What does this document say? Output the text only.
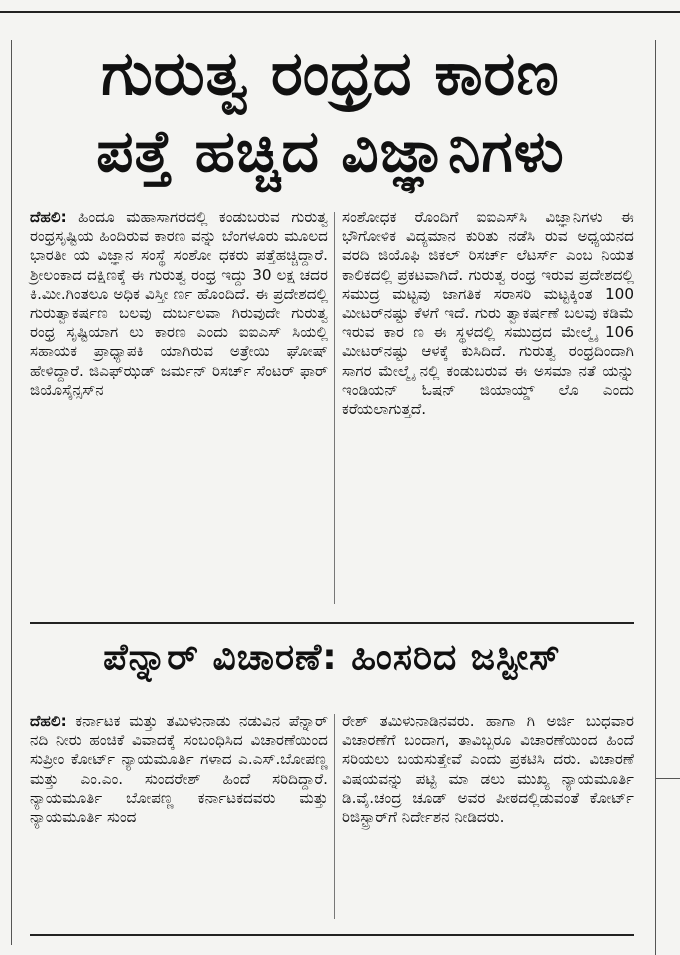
ಗುರುತ್ವ ರಂಧ್ರದ ಕಾರಣ
ಪತ್ತೆ ಹಚ್ಚಿದ ವಿಜ್ಞಾನಿಗಳು

ದೆಹಲಿ: ಹಿಂದೂ ಮಹಾಸಾಗರದಲ್ಲಿ ಕಂಡುಬರುವ ಗುರುತ್ವ ರಂಧ್ರಸೃಷ್ಟಿಯ ಹಿಂದಿರುವ ಕಾರಣ ವನ್ನು ಬೆಂಗಳೂರು ಮೂಲದ ಭಾರತೀ ಯ ವಿಜ್ಞಾನ ಸಂಸ್ಥೆ ಸಂಶೋ ಧಕರು ಪತ್ತೆಹಚ್ಚಿದ್ದಾರೆ. ಶ್ರೀಲಂಕಾದ ದಕ್ಷಿಣಕ್ಕೆ ಈ ಗುರುತ್ವ ರಂಧ್ರ ಇದ್ದು 30 ಲಕ್ಷ ಚದರ ಕಿ.ಮೀ.ಗಿಂತಲೂ ಅಧಿಕ ವಿಸ್ತೀ ರ್ಣ ಹೊಂದಿದೆ. ಈ ಪ್ರದೇಶದಲ್ಲಿ ಗುರುತ್ವಾಕರ್ಷಣ ಬಲವು ದುರ್ಬಲವಾ ಗಿರುವುದೇ ಗುರುತ್ವ ರಂಧ್ರ ಸೃಷ್ಟಿಯಾಗ ಲು ಕಾರಣ ಎಂದು ಐಐಎಸ್ ಸಿಯಲ್ಲಿ ಸಹಾಯಕ ಪ್ರಾಧ್ಯಾಪಕಿ ಯಾಗಿರುವ ಅತ್ರೇಯಿ ಘೋಷ್ ಹೇಳಿದ್ದಾರೆ. ಜಿಎಫ್‌ಝಡ್ ಜರ್ಮನ್ ರಿಸರ್ಚ್ ಸೆಂಟರ್ ಫಾರ್ ಜಿಯೊಸೈನ್ಸಸ್‌ನ

ಸಂಶೋಧಕ ರೊಂದಿಗೆ ಐಐಎಸ್‌ಸಿ ವಿಜ್ಞಾನಿಗಳು ಈ ಭೌಗೋಳಿಕ ವಿದ್ಯಮಾನ ಕುರಿತು ನಡೆಸಿ ರುವ ಅಧ್ಯಯನದ ವರದಿ ಜಿಯೊಫಿ ಜಿಕಲ್ ರಿಸರ್ಚ್ ಲೆಟರ್ಸ್ ಎಂಬ ನಿಯತ ಕಾಲಿಕದಲ್ಲಿ ಪ್ರಕಟವಾಗಿದೆ. ಗುರುತ್ವ ರಂಧ್ರ ಇರುವ ಪ್ರದೇಶದಲ್ಲಿ ಸಮುದ್ರ ಮಟ್ಟವು ಜಾಗತಿಕ ಸರಾಸರಿ ಮಟ್ಟಕ್ಕಿಂತ 100 ಮೀಟರ್‌ನಷ್ಟು ಕೆಳಗೆ ಇದೆ. ಗುರು ತ್ವಾಕರ್ಷಣೆ ಬಲವು ಕಡಿಮೆ ಇರುವ ಕಾರ ಣ ಈ ಸ್ಥಳದಲ್ಲಿ ಸಮುದ್ರದ ಮೇಲ್ಮೈ 106 ಮೀಟರ್‌ನಷ್ಟು ಆಳಕ್ಕೆ ಕುಸಿದಿದೆ. ಗುರುತ್ವ ರಂಧ್ರದಿಂದಾಗಿ ಸಾಗರ ಮೇಲ್ಮೈ ನಲ್ಲಿ ಕಂಡುಬರುವ ಈ ಅಸಮಾ ನತೆ ಯನ್ನು ಇಂಡಿಯನ್ ಓಷನ್ ಜಿಯಾಯ್ಡ್ ಲೊ ಎಂದು ಕರೆಯಲಾಗುತ್ತದೆ.

ಪೆನ್ನಾರ್ ವಿಚಾರಣೆ: ಹಿಂಸರಿದ ಜಸ್ಟೀಸ್

ದೆಹಲಿ: ಕರ್ನಾಟಕ ಮತ್ತು ತಮಿಳುನಾಡು ನಡುವಿನ ಪೆನ್ನಾರ್ ನದಿ ನೀರು ಹಂಚಿಕೆ ವಿವಾದಕ್ಕೆ ಸಂಬಂಧಿಸಿದ ವಿಚಾರಣೆಯಿಂದ ಸುಪ್ರೀಂ ಕೋರ್ಟ್ ನ್ಯಾಯಮೂರ್ತಿ ಗಳಾದ ಎ.ಎಸ್.ಬೋಪಣ್ಣ ಮತ್ತು ಎಂ.ಎಂ. ಸುಂದರೇಶ್ ಹಿಂದೆ ಸರಿದಿದ್ದಾರೆ. ನ್ಯಾಯಮೂರ್ತಿ ಬೋಪಣ್ಣ ಕರ್ನಾಟಕದವರು ಮತ್ತು ನ್ಯಾಯಮೂರ್ತಿ ಸುಂದ

ರೇಶ್ ತಮಿಳುನಾಡಿನವರು. ಹಾಗಾ ಗಿ ಅರ್ಜಿ ಬುಧವಾರ ವಿಚಾರಣೆಗೆ ಬಂದಾಗ, ತಾವಿಬ್ಬರೂ ವಿಚಾರಣೆಯಿಂದ ಹಿಂದೆ ಸರಿಯಲು ಬಯಸುತ್ತೇವೆ ಎಂದು ಪ್ರಕಟಿಸಿ ದರು. ವಿಚಾರಣೆ ವಿಷಯವನ್ನು ಪಟ್ಟಿ ಮಾ ಡಲು ಮುಖ್ಯ ನ್ಯಾಯಮೂರ್ತಿ ಡಿ.ವೈ.ಚಂದ್ರ ಚೂಡ್ ಅವರ ಪೀಠದಲ್ಲಿಡುವಂತೆ ಕೋರ್ಟ್ ರಿಜಿಸ್ಟ್ರಾರ್‌ಗೆ ನಿರ್ದೇಶನ ನೀಡಿದರು.
